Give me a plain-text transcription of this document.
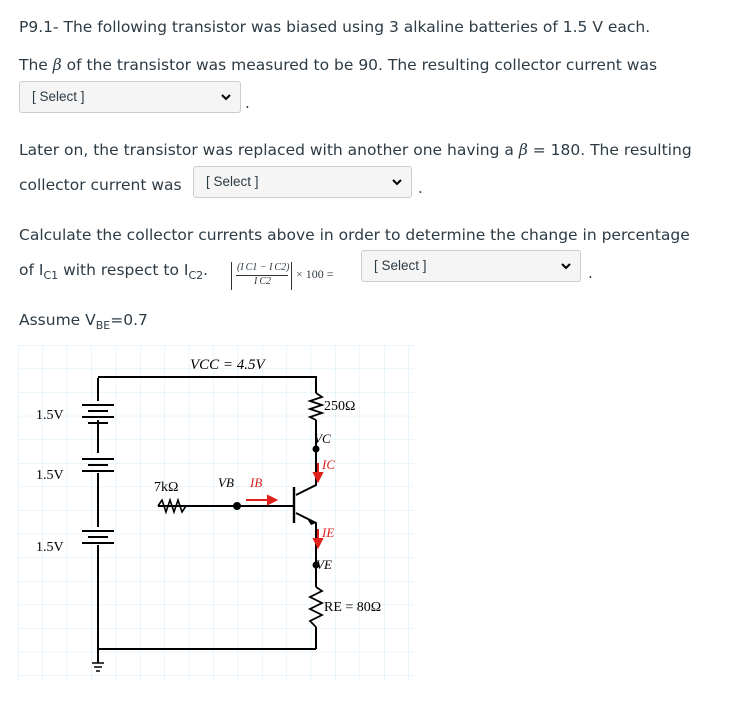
P9.1- The following transistor was biased using 3 alkaline batteries of 1.5 V each.
The β of the transistor was measured to be 90. The resulting collector current was
[ Select ]	.
Later on, the transistor was replaced with another one having a β = 180. The resulting
collector current was	[ Select ]	.
Calculate the collector currents above in order to determine the change in percentage
of $I_{C1}$ with respect to $I_{C2}$.	(I C1 − I C2)
I C2
× 100 =
[ Select ]	.
Assume $V_{BE}=0.7$
VCC = 4.5V
1.5V
1.5V
1.5V
250Ω
VC
IC
7kΩ	VB IB
IE
VE
RE = 80Ω
